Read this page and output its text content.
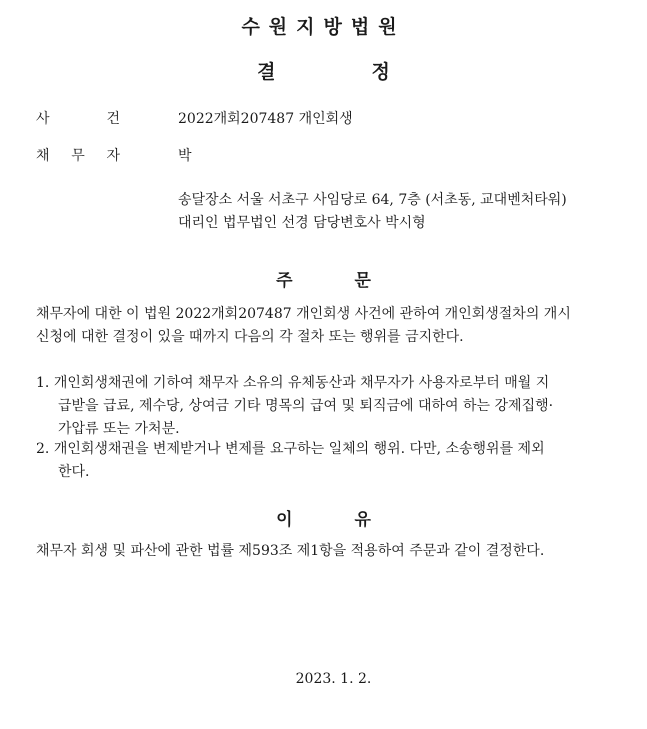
수원지방법원
결	정
사	건	2022개회207487 개인회생
채 무 자	박
송달장소 서울 서초구 사임당로 64, 7층 (서초동, 교대벤처타워)
대리인 법무법인 선경 담당변호사 박시형
주	문
채무자에 대한 이 법원 2022개회207487 개인회생 사건에 관하여 개인회생절차의 개시
신청에 대한 결정이 있을 때까지 다음의 각 절차 또는 행위를 금지한다.
1. 개인회생채권에 기하여 채무자 소유의 유체동산과 채무자가 사용자로부터 매월 지
급받을 급료, 제수당, 상여금 기타 명목의 급여 및 퇴직금에 대하여 하는 강제집행·
가압류 또는 가처분.
2. 개인회생채권을 변제받거나 변제를 요구하는 일체의 행위. 다만, 소송행위를 제외
한다.
이	유
채무자 회생 및 파산에 관한 법률 제593조 제1항을 적용하여 주문과 같이 결정한다.
2023. 1. 2.
